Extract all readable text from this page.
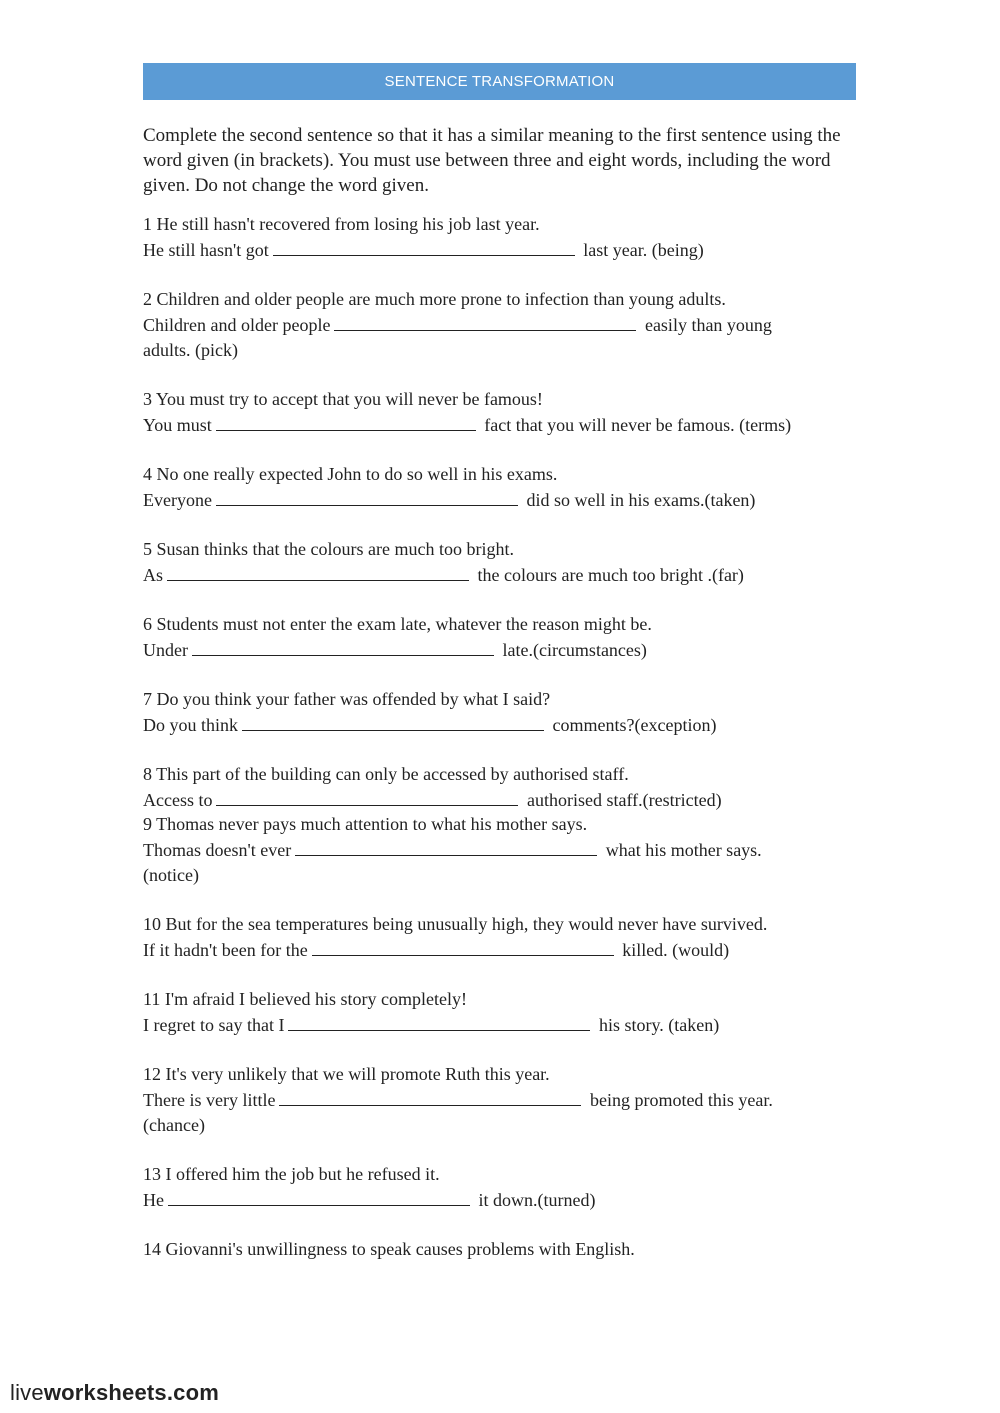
SENTENCE TRANSFORMATION
Complete the second sentence so that it has a similar meaning to the first sentence using the word given (in brackets). You must use between three and eight words, including the word given. Do not change the word given.
1 He still hasn't recovered from losing his job last year.
He still hasn't got	last year. (being)
2 Children and older people are much more prone to infection than young adults.
Children and older people	easily than young
adults. (pick)
3 You must try to accept that you will never be famous!
You must	fact that you will never be famous. (terms)
4 No one really expected John to do so well in his exams.
Everyone	did so well in his exams.(taken)
5 Susan thinks that the colours are much too bright.
As	the colours are much too bright .(far)
6 Students must not enter the exam late, whatever the reason might be.
Under	late.(circumstances)
7 Do you think your father was offended by what I said?
Do you think	comments?(exception)
8 This part of the building can only be accessed by authorised staff.
Access to	authorised staff.(restricted)
9 Thomas never pays much attention to what his mother says.
Thomas doesn't ever	what his mother says.
(notice)
10 But for the sea temperatures being unusually high, they would never have survived.
If it hadn't been for the	killed. (would)
11 I'm afraid I believed his story completely!
I regret to say that I	his story. (taken)
12 It's very unlikely that we will promote Ruth this year.
There is very little	being promoted this year.
(chance)
13 I offered him the job but he refused it.
He	it down.(turned)
14 Giovanni's unwillingness to speak causes problems with English.
liveworksheets.com
